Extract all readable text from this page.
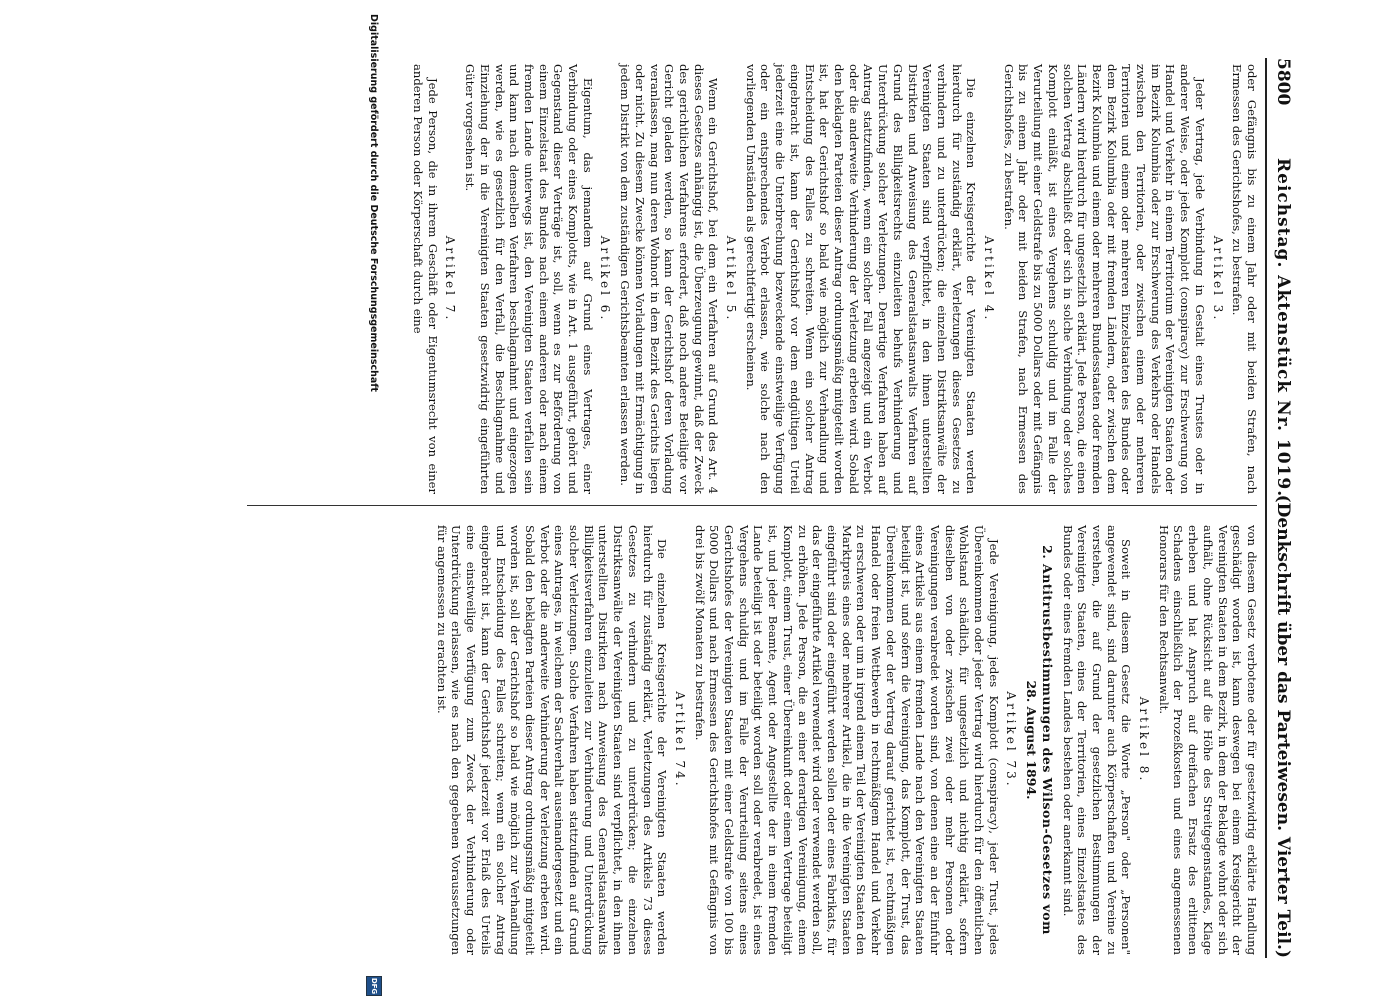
5800
Reichstag. Aktenstück Nr. 1019.
(Denkschrift über das Parteiwesen. Vierter Teil.)

oder Gefängnis bis zu einem Jahr oder mit beiden Strafen, nach Ermessen des Gerichtshofes, zu bestrafen.

Artikel 3.

Jeder Vertrag, jede Verbindung in Gestalt eines Trustes oder in anderer Weise, oder jedes Komplott (conspiracy) zur Erschwerung von Handel und Verkehr in einem Territorium der Vereinigten Staaten oder im Bezirk Kolumbia oder zur Erschwerung des Verkehrs oder Handels zwischen den Territorien, oder zwischen einem oder mehreren Territorien und einem oder mehreren Einzelstaaten des Bundes oder dem Bezirk Kolumbia oder mit fremden Ländern, oder zwischen dem Bezirk Kolumbia und einem oder mehreren Bundesstaaten oder fremden Ländern wird hierdurch für ungesetzlich erklärt. Jede Person, die einen solchen Vertrag abschließt oder sich in solche Verbindung oder solches Komplott einläßt, ist eines Vergehens schuldig und im Falle der Verurteilung mit einer Geldstrafe bis zu 5000 Dollars oder mit Gefängnis bis zu einem Jahr oder mit beiden Strafen, nach Ermessen des Gerichtshofes, zu bestrafen.

Artikel 4.

Die einzelnen Kreisgerichte der Vereinigten Staaten werden hierdurch für zuständig erklärt, Verletzungen dieses Gesetzes zu verhindern und zu unterdrücken; die einzelnen Distriktsanwälte der Vereinigten Staaten sind verpflichtet, in den ihnen unterstellten Distrikten und Anweisung des Generalstaatsanwalts Verfahren auf Grund des Billigkeitsrechts einzuleiten behufs Verhinderung und Unterdrückung solcher Verletzungen. Derartige Verfahren haben auf Antrag stattzufinden, wenn ein solcher Fall angezeigt und ein Verbot oder die anderweite Verhinderung der Verletzung erbeten wird. Sobald den beklagten Parteien dieser Antrag ordnungsmäßig mitgeteilt worden ist, hat der Gerichtshof so bald wie möglich zur Verhandlung und Entscheidung des Falles zu schreiten. Wenn ein solcher Antrag eingebracht ist, kann der Gerichtshof vor dem endgültigen Urteil jederzeit eine die Unterbrechung bezweckende einstweilige Verfügung oder ein entsprechendes Verbot erlassen, wie solche nach den vorliegenden Umständen als gerechtfertigt erscheinen.

Artikel 5.

Wenn ein Gerichtshof, bei dem ein Verfahren auf Grund des Art. 4 dieses Gesetzes anhängig ist, die Überzeugung gewinnt, daß der Zweck des gerichtlichen Verfahrens erfordert, daß noch andere Beteiligte vor Gericht geladen werden, so kann der Gerichtshof deren Vorladung veranlassen, mag nun deren Wohnort in dem Bezirk des Gerichts liegen oder nicht. Zu diesem Zwecke können Vorladungen mit Ermächtigung in jedem Distrikt von dem zuständigen Gerichtsbeamten erlassen werden.

Artikel 6.

Eigentum, das jemandem auf Grund eines Vertrages, einer Verbindung oder eines Komplotts, wie in Art. 1 ausgeführt, gehört und Gegenstand dieser Verträge ist, soll, wenn es zur Beförderung von einem Einzelstaat des Bundes nach einem anderen oder nach einem fremden Lande unterwegs ist, den Vereinigten Staaten verfallen sein und kann nach demselben Verfahren beschlagnahmt und eingezogen werden, wie es gesetzlich für den Verfall, die Beschlagnahme und Einziehung der in die Vereinigten Staaten gesetzwidrig eingeführten Güter vorgesehen ist.

Artikel 7.

Jede Person, die in ihrem Geschäft oder Eigentumsrecht von einer anderen Person oder Körperschaft durch eine

von diesem Gesetz verbotene oder für gesetzwidrig erklärte Handlung geschädigt worden ist, kann deswegen bei einem Kreisgericht der Vereinigten Staaten in dem Bezirk, in dem der Beklagte wohnt oder sich aufhält, ohne Rücksicht auf die Höhe des Streitgegenstandes, Klage erheben und hat Anspruch auf dreifachen Ersatz des erlittenen Schadens einschließlich der Prozeßkosten und eines angemessenen Honorars für den Rechtsanwalt.

Artikel 8.

Soweit in diesem Gesetz die Worte „Person" oder „Personen" angewendet sind, sind darunter auch Körperschaften und Vereine zu verstehen, die auf Grund der gesetzlichen Bestimmungen der Vereinigten Staaten, eines der Territorien, eines Einzelstaates des Bundes oder eines fremden Landes bestehen oder anerkannt sind.

2. Antitrustbestimmungen des Wilson-Gesetzes vom
28. August 1894.
Artikel 73.

Jede Vereinigung, jedes Komplott (conspiracy), jeder Trust, jedes Übereinkommen oder jeder Vertrag wird hierdurch für den öffentlichen Wohlstand schädlich, für ungesetzlich und nichtig erklärt, sofern dieselben von oder zwischen zwei oder mehr Personen oder Vereinigungen verabredet worden sind, von denen eine an der Einfuhr eines Artikels aus einem fremden Lande nach den Vereinigten Staaten beteiligt ist, und sofern die Vereinigung, das Komplott, der Trust, das Übereinkommen oder der Vertrag darauf gerichtet ist, rechtmäßigen Handel oder freien Wettbewerb in rechtmäßigem Handel und Verkehr zu erschweren oder um in irgend einem Teil der Vereinigten Staaten den Marktpreis eines oder mehrerer Artikel, die in die Vereinigten Staaten eingeführt sind oder eingeführt werden sollen oder eines Fabrikats, für das der eingeführte Artikel verwendet wird oder verwendet werden soll, zu erhöhen. Jede Person, die an einer derartigen Vereinigung, einem Komplott, einem Trust, einer Übereinkunft oder einem Vertrage beteiligt ist, und jeder Beamte, Agent oder Angestellte der in einem fremden Lande beteiligt ist oder beteiligt worden soll oder verabredet, ist eines Vergehens schuldig und im Falle der Verurteilung seitens eines Gerichtshofes der Vereinigten Staaten mit einer Geldstrafe von 100 bis 5000 Dollars und nach Ermessen des Gerichtshofes mit Gefängnis von drei bis zwölf Monaten zu bestrafen.

Artikel 74.

Die einzelnen Kreisgerichte der Vereinigten Staaten werden hierdurch für zuständig erklärt, Verletzungen des Artikels 73 dieses Gesetzes zu verhindern und zu unterdrücken; die einzelnen Distriktsanwälte der Vereinigten Staaten sind verpflichtet, in den ihnen unterstellten Distrikten nach Anweisung des Generalstaatsanwalts Billigkeitsverfahren einzuleiten zur Verhinderung und Unterdrückung solcher Verletzungen. Solche Verfahren haben stattzufinden auf Grund eines Antrages, in welchem der Sachverhalt auseinandergesetzt und ein Verbot oder die anderweite Verhinderung der Verletzung erbeten wird. Sobald den beklagten Parteien dieser Antrag ordnungsmäßig mitgeteilt worden ist, soll der Gerichtshof so bald wie möglich zur Verhandlung und Entscheidung des Falles schreiten; wenn ein solcher Antrag eingebracht ist, kann der Gerichtshof jederzeit vor Erlaß des Urteils eine einstweilige Verfügung zum Zweck der Verhinderung oder Unterdrückung erlassen, wie es nach den gegebenen Voraussetzungen für angemessen zu erachten ist.

Digitalisierung gefördert durch die Deutsche Forschungsgemeinschaft
DFG
